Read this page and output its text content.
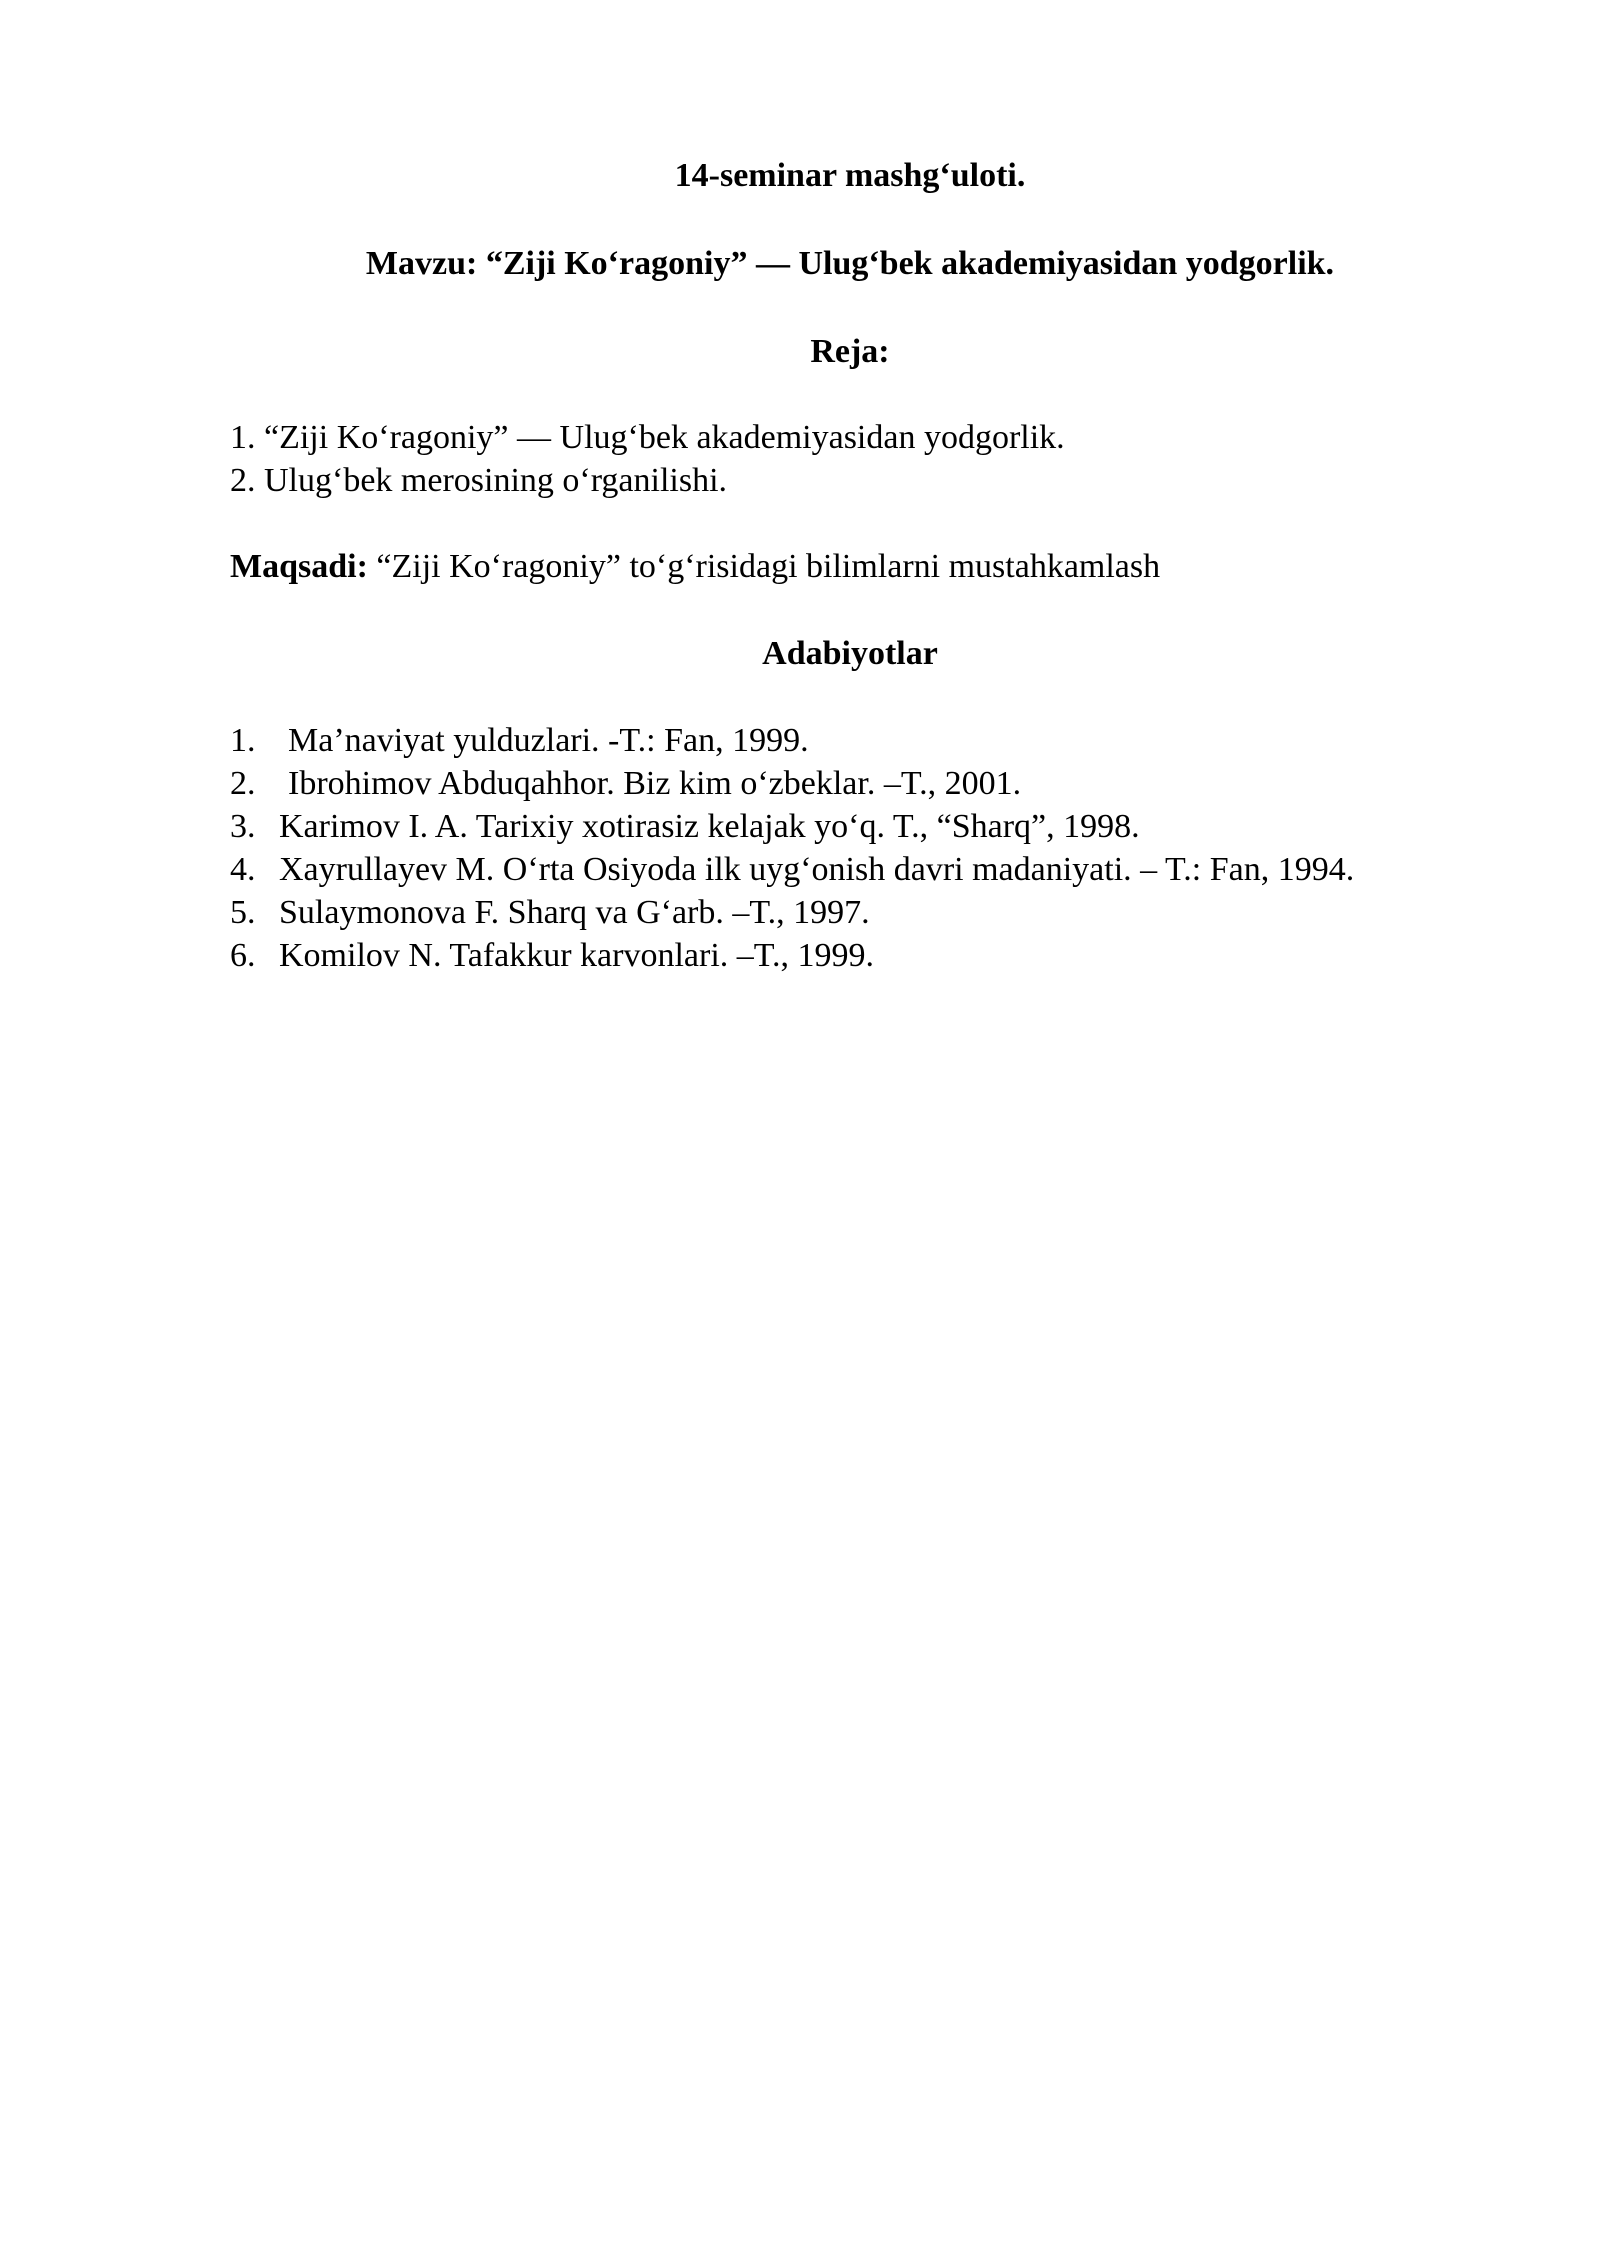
14-seminar mashg‘uloti.
Mavzu: “Ziji Ko‘ragoniy” — Ulug‘bek akademiyasidan yodgorlik.
Reja:
1. “Ziji Ko‘ragoniy” — Ulug‘bek akademiyasidan yodgorlik.
2. Ulug‘bek merosining o‘rganilishi.
Maqsadi: “Ziji Ko‘ragoniy” to‘g‘risidagi bilimlarni mustahkamlash
Adabiyotlar
1. Ma’naviyat yulduzlari. -T.: Fan, 1999.
2. Ibrohimov Abduqahhor. Biz kim o‘zbeklar. –T., 2001.
3. Karimov I. A. Tarixiy xotirasiz kelajak yo‘q. T., “Sharq”, 1998.
4. Xayrullayev M. O‘rta Osiyoda ilk uyg‘onish davri madaniyati. – T.: Fan, 1994.
5. Sulaymonova F. Sharq va G‘arb. –T., 1997.
6. Komilov N. Tafakkur karvonlari. –T., 1999.
